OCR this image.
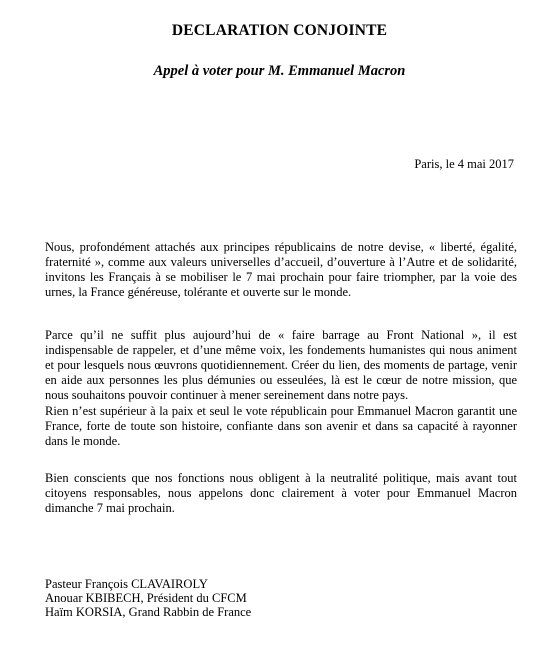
DECLARATION CONJOINTE
Appel à voter pour M. Emmanuel Macron
Paris, le 4 mai 2017

Nous, profondément attachés aux principes républicains de notre devise, « liberté, égalité, fraternité », comme aux valeurs universelles d’accueil, d’ouverture à l’Autre et de solidarité, invitons les Français à se mobiliser le 7 mai prochain pour faire triompher, par la voie des urnes, la France généreuse, tolérante et ouverte sur le monde.

Parce qu’il ne suffit plus aujourd’hui de « faire barrage au Front National », il est indispensable de rappeler, et d’une même voix, les fondements humanistes qui nous animent et pour lesquels nous œuvrons quotidiennement. Créer du lien, des moments de partage, venir en aide aux personnes les plus démunies ou esseulées, là est le cœur de notre mission, que nous souhaitons pouvoir continuer à mener sereinement dans notre pays.

Rien n’est supérieur à la paix et seul le vote républicain pour Emmanuel Macron garantit une France, forte de toute son histoire, confiante dans son avenir et dans sa capacité à rayonner dans le monde.

Bien conscients que nos fonctions nous obligent à la neutralité politique, mais avant tout citoyens responsables, nous appelons donc clairement à voter pour Emmanuel Macron dimanche 7 mai prochain.

Pasteur François CLAVAIROLY
Anouar KBIBECH, Président du CFCM
Haïm KORSIA, Grand Rabbin de France
